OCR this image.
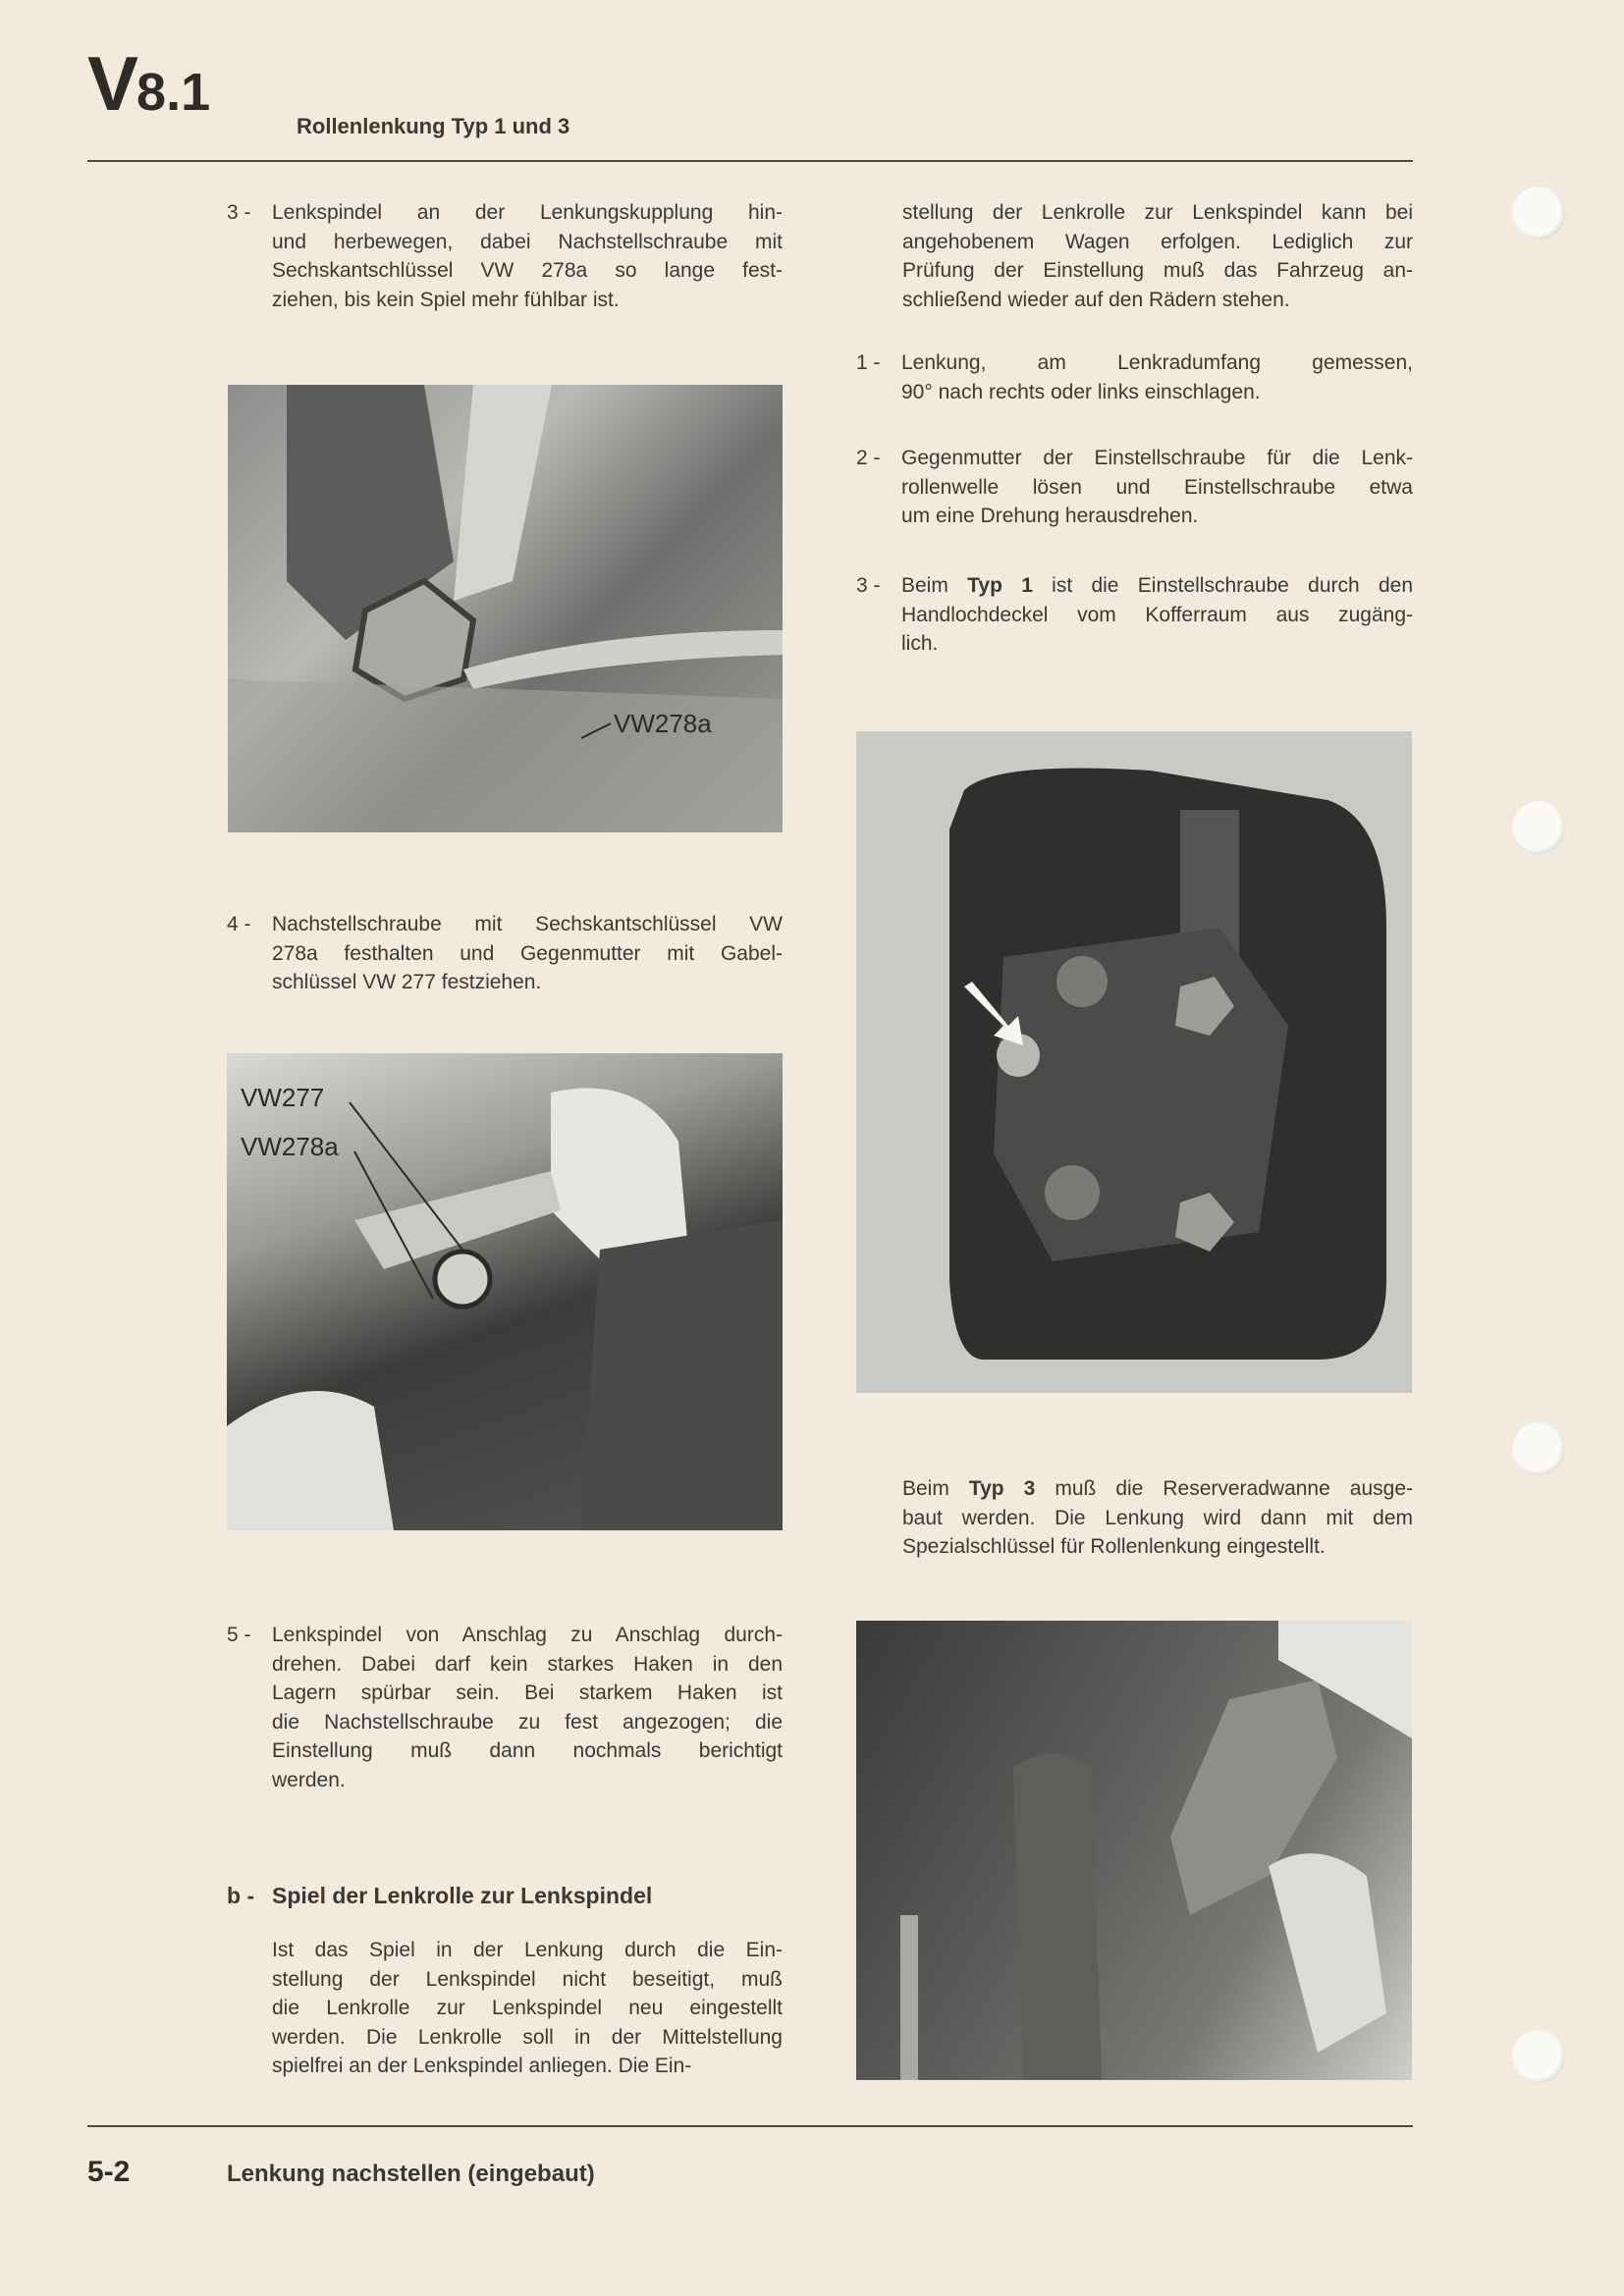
V8.1
Rollenlenkung Typ 1 und 3
3 -	Lenkspindel an der Lenkungskupplung hin-
und herbewegen, dabei Nachstellschraube mit
Sechskantschlüssel VW 278a so lange fest-
ziehen, bis kein Spiel mehr fühlbar ist.
VW278a
4 -	Nachstellschraube mit Sechskantschlüssel VW
278a festhalten und Gegenmutter mit Gabel-
schlüssel VW 277 festziehen.
VW277
VW278a
5 -	Lenkspindel von Anschlag zu Anschlag durch-
drehen. Dabei darf kein starkes Haken in den
Lagern spürbar sein. Bei starkem Haken ist
die Nachstellschraube zu fest angezogen; die
Einstellung muß dann nochmals berichtigt
werden.
b - Spiel der Lenkrolle zur Lenkspindel
Ist das Spiel in der Lenkung durch die Ein-
stellung der Lenkspindel nicht beseitigt, muß
die Lenkrolle zur Lenkspindel neu eingestellt
werden. Die Lenkrolle soll in der Mittelstellung
spielfrei an der Lenkspindel anliegen. Die Ein-
stellung der Lenkrolle zur Lenkspindel kann bei
angehobenem Wagen erfolgen. Lediglich zur
Prüfung der Einstellung muß das Fahrzeug an-
schließend wieder auf den Rädern stehen.
1 -	Lenkung, am Lenkradumfang gemessen,
90° nach rechts oder links einschlagen.
2 -	Gegenmutter der Einstellschraube für die Lenk-
rollenwelle lösen und Einstellschraube etwa
um eine Drehung herausdrehen.
3 -	Beim Typ 1 ist die Einstellschraube durch den
Handlochdeckel vom Kofferraum aus zugäng-
lich.
Beim Typ 3 muß die Reserveradwanne ausge-
baut werden. Die Lenkung wird dann mit dem
Spezialschlüssel für Rollenlenkung eingestellt.
5-2	Lenkung nachstellen (eingebaut)
